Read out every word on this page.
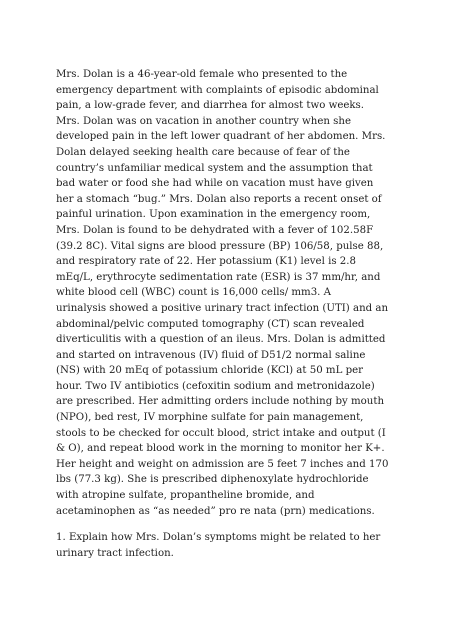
Mrs. Dolan is a 46-year-old female who presented to the
emergency department with complaints of episodic abdominal
pain, a low-grade fever, and diarrhea for almost two weeks.
Mrs. Dolan was on vacation in another country when she
developed pain in the left lower quadrant of her abdomen. Mrs.
Dolan delayed seeking health care because of fear of the
country’s unfamiliar medical system and the assumption that
bad water or food she had while on vacation must have given
her a stomach “bug.” Mrs. Dolan also reports a recent onset of
painful urination. Upon examination in the emergency room,
Mrs. Dolan is found to be dehydrated with a fever of 102.58F
(39.2 8C). Vital signs are blood pressure (BP) 106/58, pulse 88,
and respiratory rate of 22. Her potassium (K1) level is 2.8
mEq/L, erythrocyte sedimentation rate (ESR) is 37 mm/hr, and
white blood cell (WBC) count is 16,000 cells/ mm3. A
urinalysis showed a positive urinary tract infection (UTI) and an
abdominal/pelvic computed tomography (CT) scan revealed
diverticulitis with a question of an ileus. Mrs. Dolan is admitted
and started on intravenous (IV) fluid of D51/2 normal saline
(NS) with 20 mEq of potassium chloride (KCl) at 50 mL per
hour. Two IV antibiotics (cefoxitin sodium and metronidazole)
are prescribed. Her admitting orders include nothing by mouth
(NPO), bed rest, IV morphine sulfate for pain management,
stools to be checked for occult blood, strict intake and output (I
& O), and repeat blood work in the morning to monitor her K+.
Her height and weight on admission are 5 feet 7 inches and 170
lbs (77.3 kg). She is prescribed diphenoxylate hydrochloride
with atropine sulfate, propantheline bromide, and
acetaminophen as “as needed” pro re nata (prn) medications.
1. Explain how Mrs. Dolan’s symptoms might be related to her
urinary tract infection.
